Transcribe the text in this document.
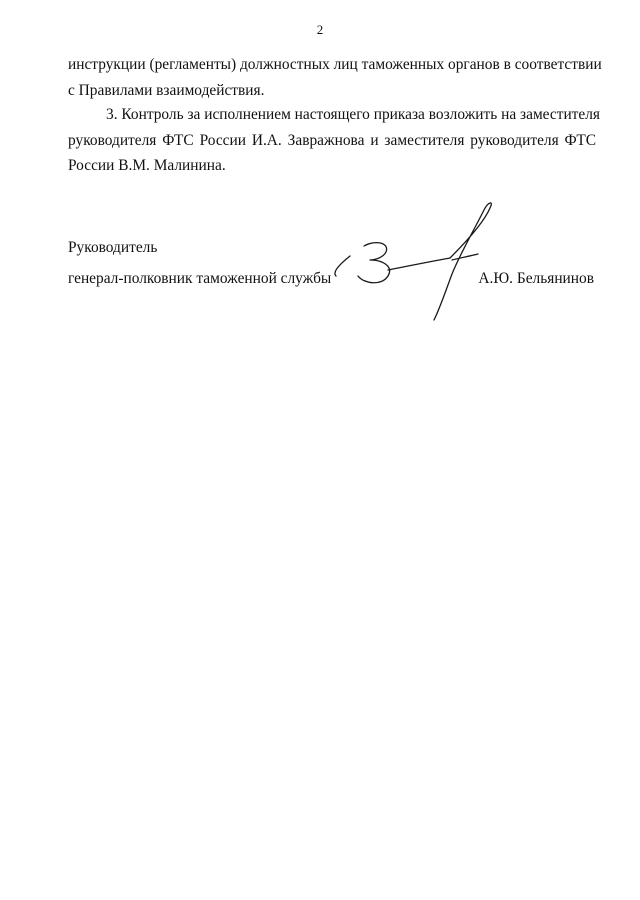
2
инструкции (регламенты) должностных лиц таможенных органов в соответствии
с Правилами взаимодействия.
3. Контроль за исполнением настоящего приказа возложить на заместителя
руководителя ФТС России И.А. Завражнова и заместителя руководителя ФТС
России В.М. Малинина.
Руководитель
генерал-полковник таможенной службы	А.Ю. Бельянинов
